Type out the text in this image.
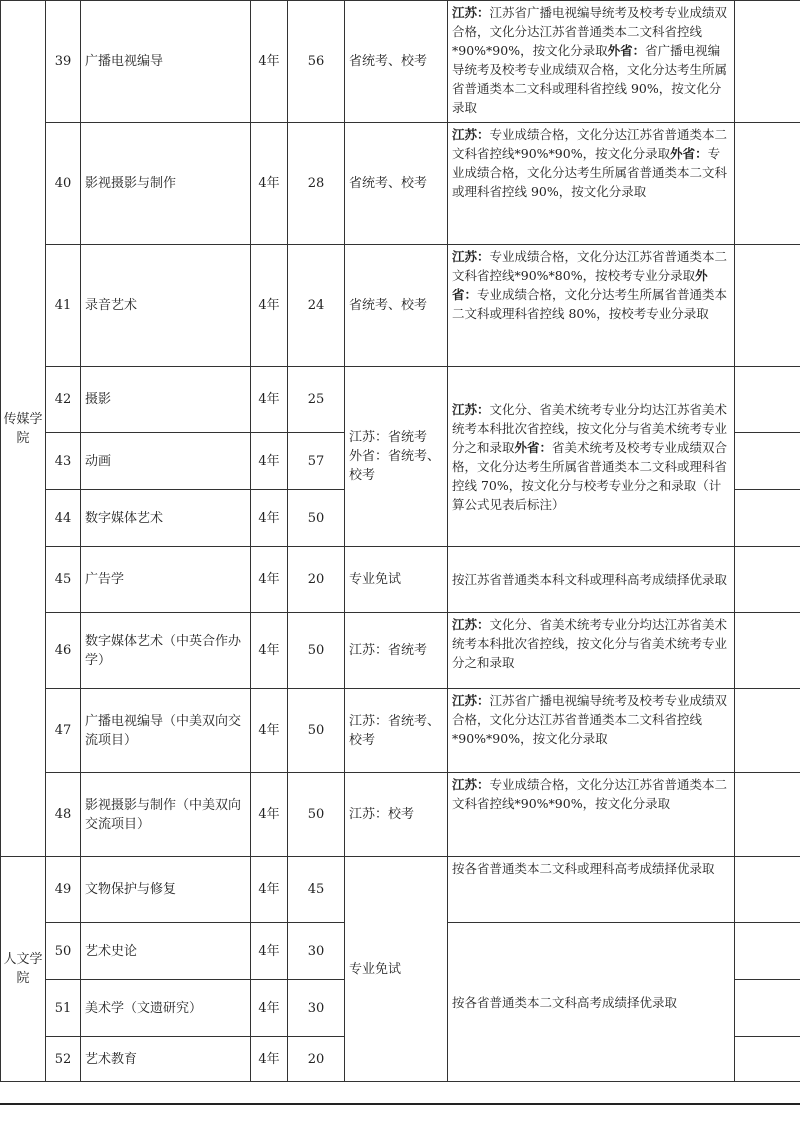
传媒学院	39	广播电视编导	4年	56	省统考、校考	江苏：江苏省广播电视编导统考及校考专业成绩双合格，文化分达江苏省普通类本二文科省控线*90%*90%，按文化分录取外省：省广播电视编导统考及校考专业成绩双合格，文化分达考生所属省普通类本二文科或理科省控线 90%，按文化分录取	
	40	影视摄影与制作	4年	28	省统考、校考	江苏：专业成绩合格，文化分达江苏省普通类本二文科省控线*90%*90%，按文化分录取外省：专业成绩合格，文化分达考生所属省普通类本二文科或理科省控线 90%，按文化分录取	
	41	录音艺术	4年	24	省统考、校考	江苏：专业成绩合格，文化分达江苏省普通类本二文科省控线*90%*80%，按校考专业分录取外省：专业成绩合格，文化分达考生所属省普通类本二文科或理科省控线 80%，按校考专业分录取	
	42	摄影	4年	25	江苏：省统考
外省：省统考、
校考	江苏：文化分、省美术统考专业分均达江苏省美术统考本科批次省控线，按文化分与省美术统考专业分之和录取外省：省美术统考及校考专业成绩双合格，文化分达考生所属省普通类本二文科或理科省控线 70%，按文化分与校考专业分之和录取（计算公式见表后标注）	
	43	动画	4年	57			
	44	数字媒体艺术	4年	50			
	45	广告学	4年	20	专业免试	按江苏省普通类本科文科或理科高考成绩择优录取	
	46	数字媒体艺术（中英合作办学）	4年	50	江苏：省统考	江苏：文化分、省美术统考专业分均达江苏省美术统考本科批次省控线，按文化分与省美术统考专业分之和录取	
	47	广播电视编导（中美双向交流项目）	4年	50	江苏：省统考、校考	江苏：江苏省广播电视编导统考及校考专业成绩双合格，文化分达江苏省普通类本二文科省控线*90%*90%，按文化分录取	
	48	影视摄影与制作（中美双向交流项目）	4年	50	江苏：校考	江苏：专业成绩合格，文化分达江苏省普通类本二文科省控线*90%*90%，按文化分录取	
人文学院	49	文物保护与修复	4年	45	专业免试	按各省普通类本二文科或理科高考成绩择优录取	
	50	艺术史论	4年	30		按各省普通类本二文科高考成绩择优录取	
	51	美术学（文遗研究）	4年	30			
	52	艺术教育	4年	20			
